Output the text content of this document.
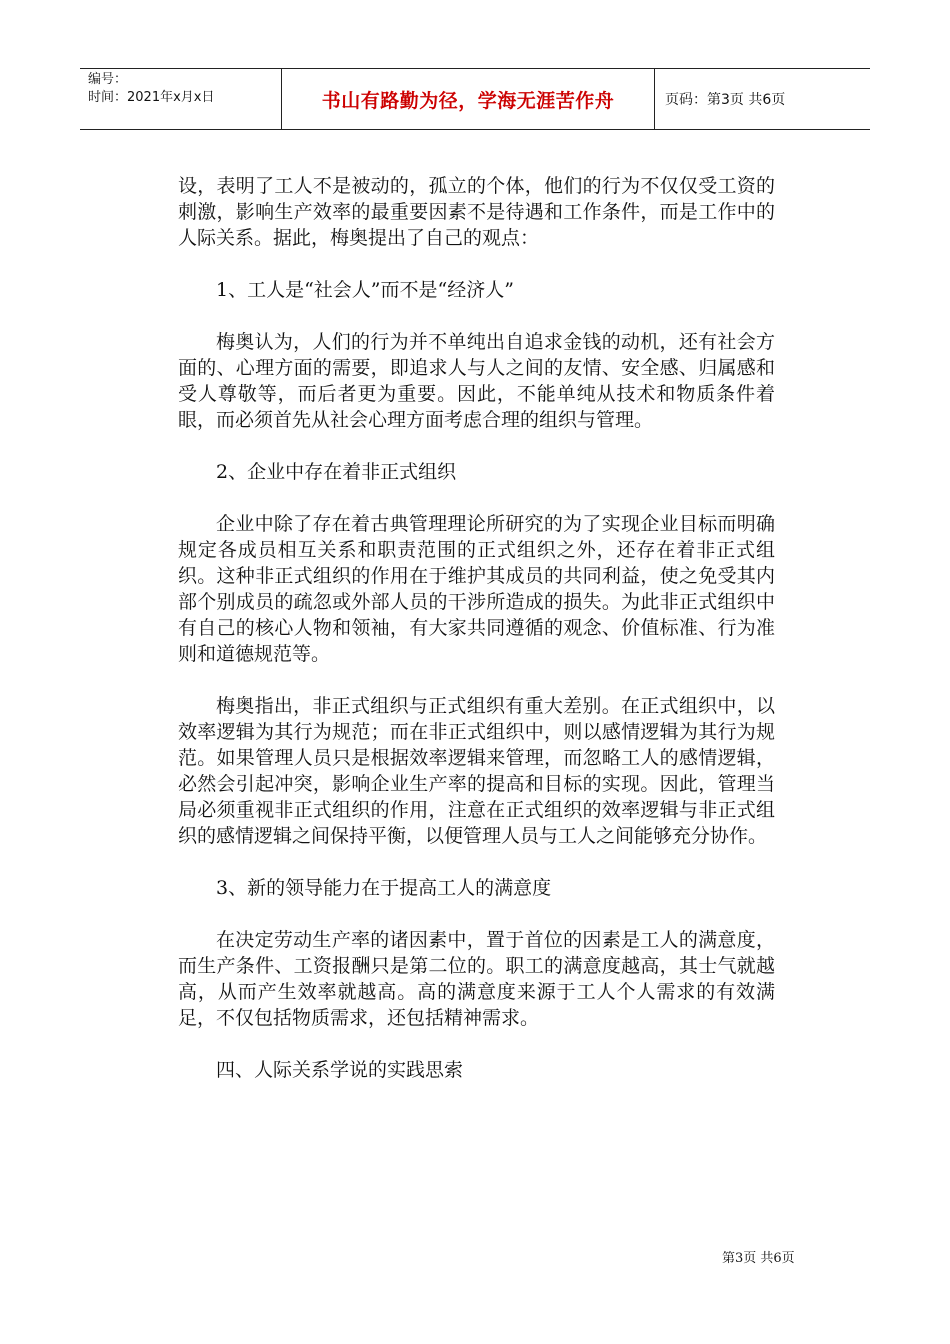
编号：
时间：2021年x月x日	书山有路勤为径，学海无涯苦作舟	页码：第3页 共6页

设，表明了工人不是被动的，孤立的个体，他们的行为不仅仅受工资的刺激，影响生产效率的最重要因素不是待遇和工作条件，而是工作中的人际关系。据此，梅奥提出了自己的观点：

1、工人是“社会人”而不是“经济人”

梅奥认为，人们的行为并不单纯出自追求金钱的动机，还有社会方面的、心理方面的需要，即追求人与人之间的友情、安全感、归属感和受人尊敬等，而后者更为重要。因此，不能单纯从技术和物质条件着眼，而必须首先从社会心理方面考虑合理的组织与管理。

2、企业中存在着非正式组织

企业中除了存在着古典管理理论所研究的为了实现企业目标而明确规定各成员相互关系和职责范围的正式组织之外，还存在着非正式组织。这种非正式组织的作用在于维护其成员的共同利益，使之免受其内部个别成员的疏忽或外部人员的干涉所造成的损失。为此非正式组织中有自己的核心人物和领袖，有大家共同遵循的观念、价值标准、行为准则和道德规范等。

梅奥指出，非正式组织与正式组织有重大差别。在正式组织中，以效率逻辑为其行为规范；而在非正式组织中，则以感情逻辑为其行为规范。如果管理人员只是根据效率逻辑来管理，而忽略工人的感情逻辑，必然会引起冲突，影响企业生产率的提高和目标的实现。因此，管理当局必须重视非正式组织的作用，注意在正式组织的效率逻辑与非正式组织的感情逻辑之间保持平衡，以便管理人员与工人之间能够充分协作。

3、新的领导能力在于提高工人的满意度

在决定劳动生产率的诸因素中，置于首位的因素是工人的满意度，而生产条件、工资报酬只是第二位的。职工的满意度越高，其士气就越高，从而产生效率就越高。高的满意度来源于工人个人需求的有效满足，不仅包括物质需求，还包括精神需求。

四、人际关系学说的实践思索

第3页 共6页
